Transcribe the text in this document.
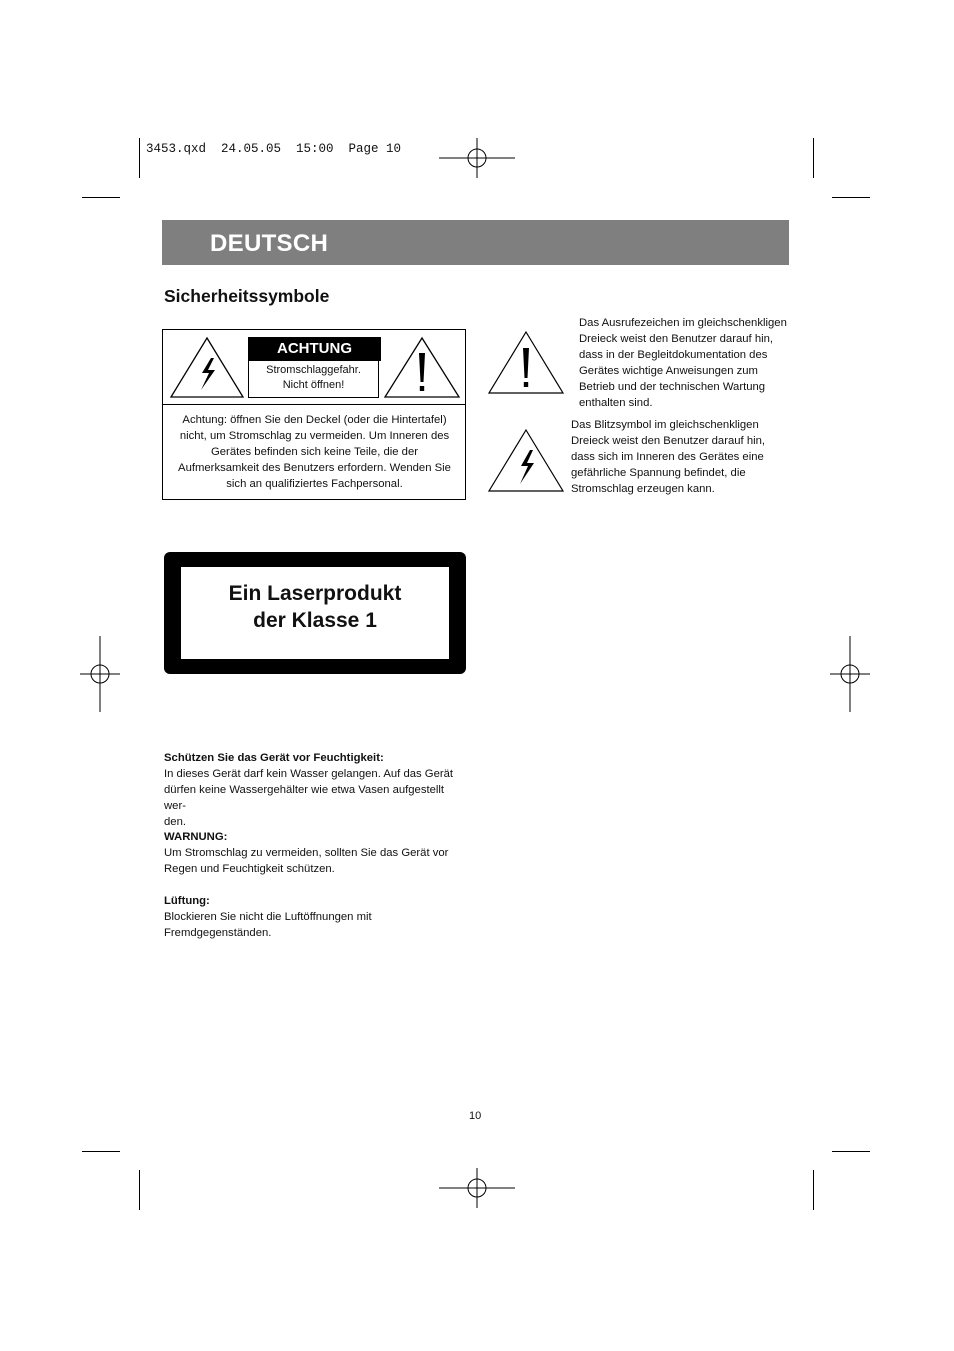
3453.qxd  24.05.05  15:00  Page 10
DEUTSCH
Sicherheitssymbole
ACHTUNG
Stromschlaggefahr.
Nicht öffnen!
Achtung: öffnen Sie den Deckel (oder die Hintertafel)
nicht, um Stromschlag zu vermeiden. Um Inneren des
Gerätes befinden sich keine Teile, die der
Aufmerksamkeit des Benutzers erfordern. Wenden Sie
sich an qualifiziertes Fachpersonal.
Das Ausrufezeichen im gleichschenkligen
Dreieck weist den Benutzer darauf hin,
dass in der Begleitdokumentation des
Gerätes wichtige Anweisungen zum
Betrieb und der technischen Wartung
enthalten sind.
Das Blitzsymbol im gleichschenkligen
Dreieck weist den Benutzer darauf hin,
dass sich im Inneren des Gerätes eine
gefährliche Spannung befindet, die
Stromschlag erzeugen kann.
Ein Laserprodukt
der Klasse 1
Schützen Sie das Gerät vor Feuchtigkeit:
In dieses Gerät darf kein Wasser gelangen. Auf das Gerät
dürfen keine Wassergehälter wie etwa Vasen aufgestellt wer-
den.
WARNUNG:
Um Stromschlag zu vermeiden, sollten Sie das Gerät vor
Regen und Feuchtigkeit schützen.
Lüftung:
Blockieren Sie nicht die Luftöffnungen mit
Fremdgegenständen.
10
